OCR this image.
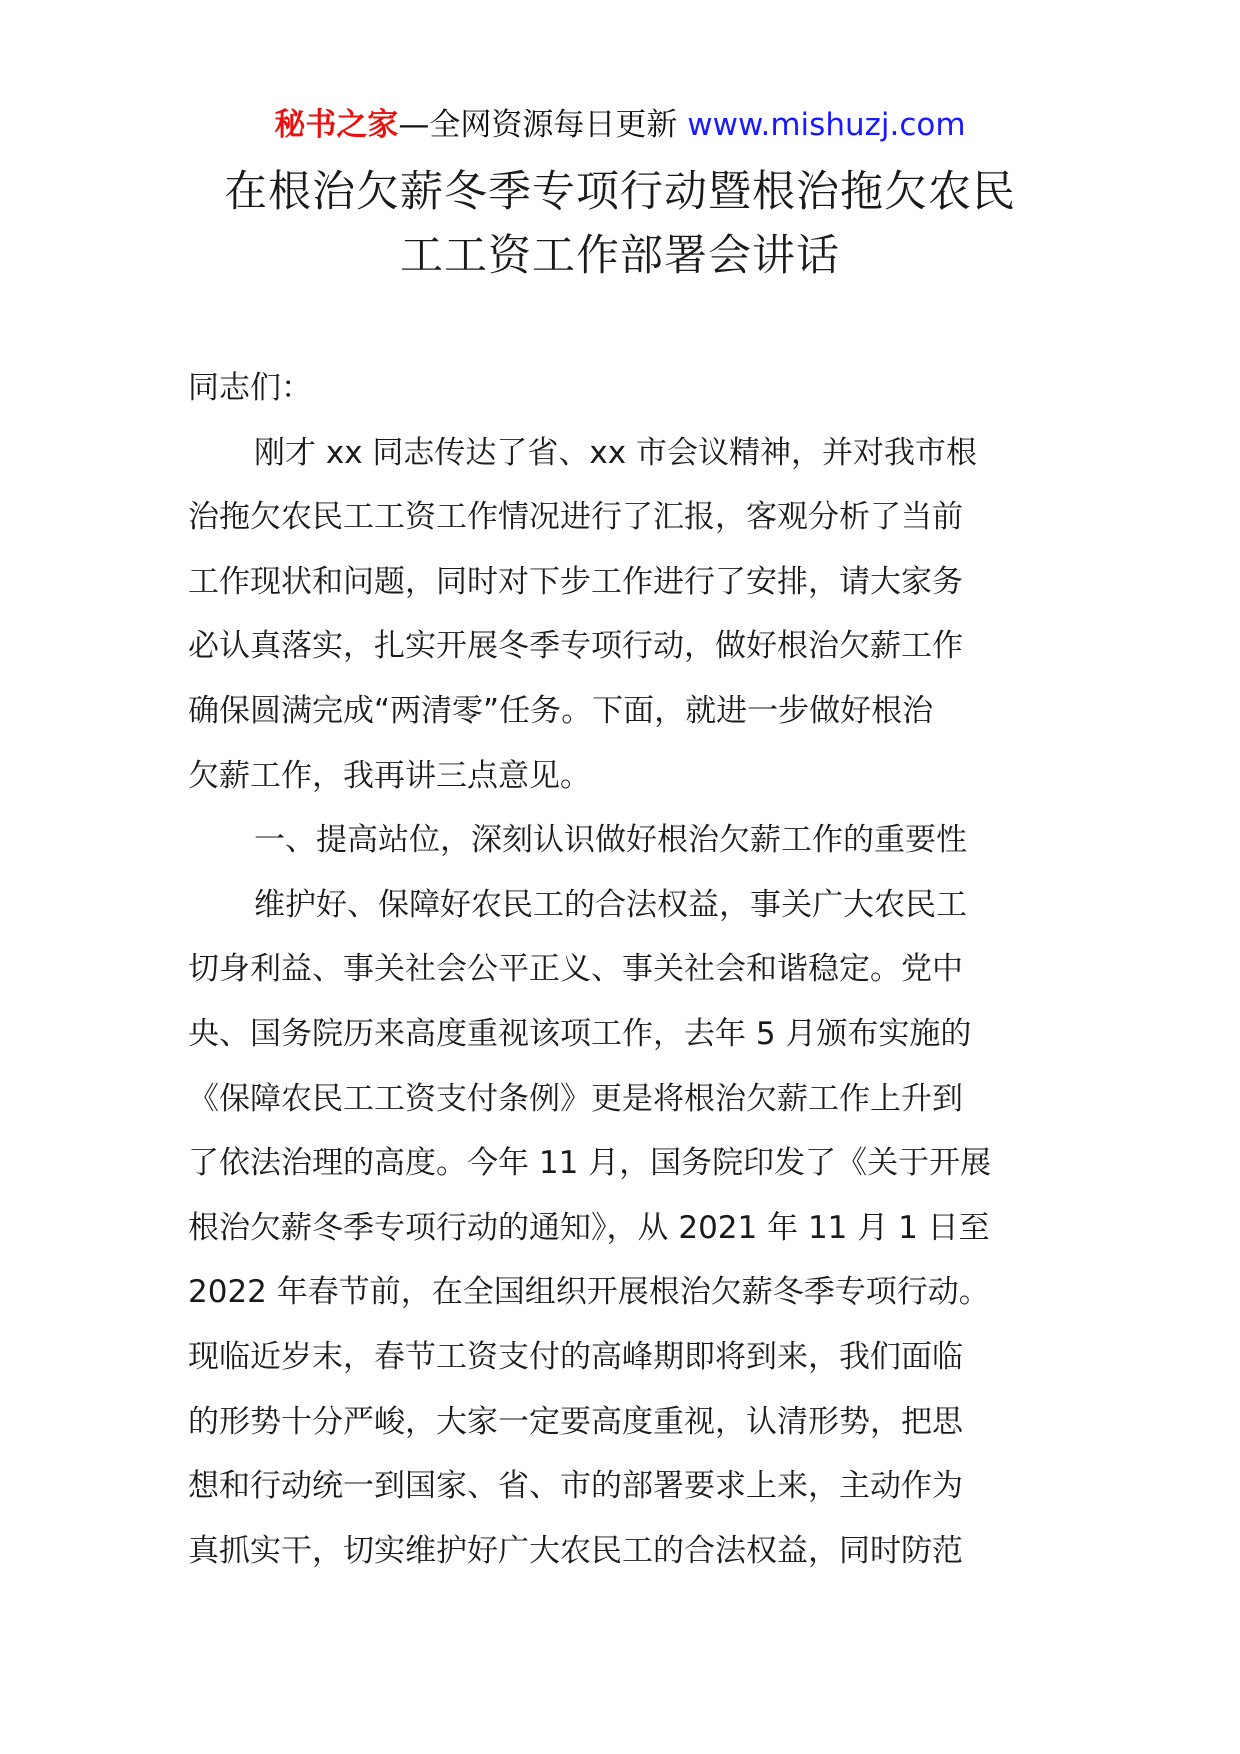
秘书之家—全网资源每日更新 www.mishuzj.com
在根治欠薪冬季专项行动暨根治拖欠农民
工工资工作部署会讲话
同志们：
刚才 xx 同志传达了省、xx 市会议精神，并对我市根
治拖欠农民工工资工作情况进行了汇报，客观分析了当前
工作现状和问题，同时对下步工作进行了安排，请大家务
必认真落实，扎实开展冬季专项行动，做好根治欠薪工作
确保圆满完成“两清零”任务。下面，就进一步做好根治
欠薪工作，我再讲三点意见。
一、提高站位，深刻认识做好根治欠薪工作的重要性
维护好、保障好农民工的合法权益，事关广大农民工
切身利益、事关社会公平正义、事关社会和谐稳定。党中
央、国务院历来高度重视该项工作，去年 5 月颁布实施的
《保障农民工工资支付条例》更是将根治欠薪工作上升到
了依法治理的高度。今年 11 月，国务院印发了《关于开展
根治欠薪冬季专项行动的通知》，从 2021 年 11 月 1 日至
2022 年春节前，在全国组织开展根治欠薪冬季专项行动。
现临近岁末，春节工资支付的高峰期即将到来，我们面临
的形势十分严峻，大家一定要高度重视，认清形势，把思
想和行动统一到国家、省、市的部署要求上来，主动作为
真抓实干，切实维护好广大农民工的合法权益，同时防范
